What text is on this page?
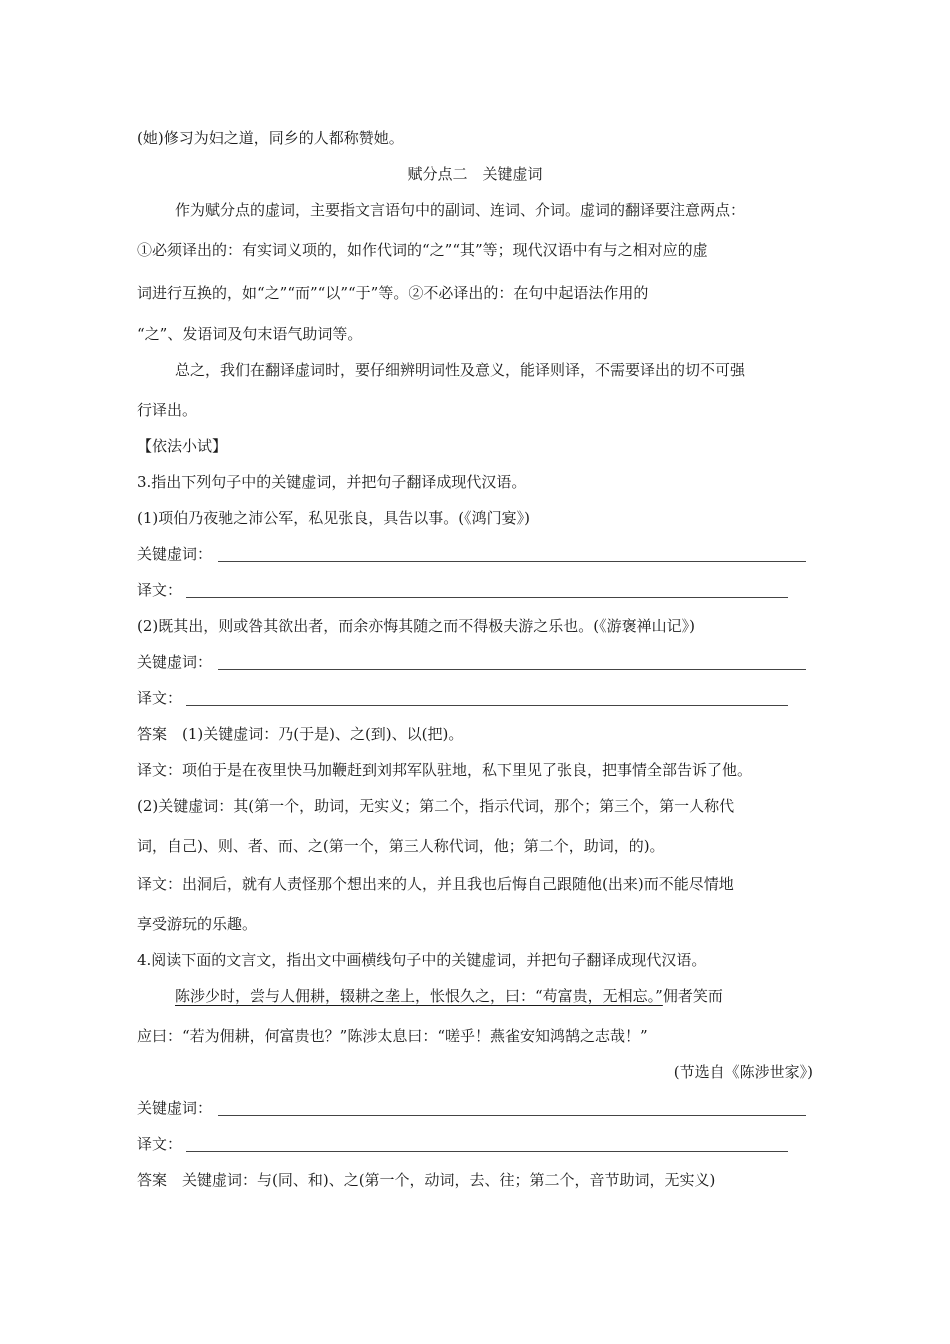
(她)修习为妇之道，同乡的人都称赞她。
赋分点二　关键虚词
作为赋分点的虚词，主要指文言语句中的副词、连词、介词。虚词的翻译要注意两点：
①必须译出的：有实词义项的，如作代词的“之”“其”等；现代汉语中有与之相对应的虚
词进行互换的，如“之”“而”“以”“于”等。②不必译出的：在句中起语法作用的
“之”、发语词及句末语气助词等。
总之，我们在翻译虚词时，要仔细辨明词性及意义，能译则译，不需要译出的切不可强
行译出。
【依法小试】
3.指出下列句子中的关键虚词，并把句子翻译成现代汉语。
(1)项伯乃夜驰之沛公军，私见张良，具告以事。(《鸿门宴》)
关键虚词：
译文：
(2)既其出，则或咎其欲出者，而余亦悔其随之而不得极夫游之乐也。(《游褒禅山记》)
关键虚词：
译文：
答案　(1)关键虚词：乃(于是)、之(到)、以(把)。
译文：项伯于是在夜里快马加鞭赶到刘邦军队驻地，私下里见了张良，把事情全部告诉了他。
(2)关键虚词：其(第一个，助词，无实义；第二个，指示代词，那个；第三个，第一人称代
词，自己)、则、者、而、之(第一个，第三人称代词，他；第二个，助词，的)。
译文：出洞后，就有人责怪那个想出来的人，并且我也后悔自己跟随他(出来)而不能尽情地
享受游玩的乐趣。
4.阅读下面的文言文，指出文中画横线句子中的关键虚词，并把句子翻译成现代汉语。
陈涉少时，尝与人佣耕，辍耕之垄上，怅恨久之，曰：“苟富贵，无相忘。”佣者笑而
应曰：“若为佣耕，何富贵也？”陈涉太息曰：“嗟乎！燕雀安知鸿鹄之志哉！”
(节选自《陈涉世家》)
关键虚词：
译文：
答案　关键虚词：与(同、和)、之(第一个，动词，去、往；第二个，音节助词，无实义)
